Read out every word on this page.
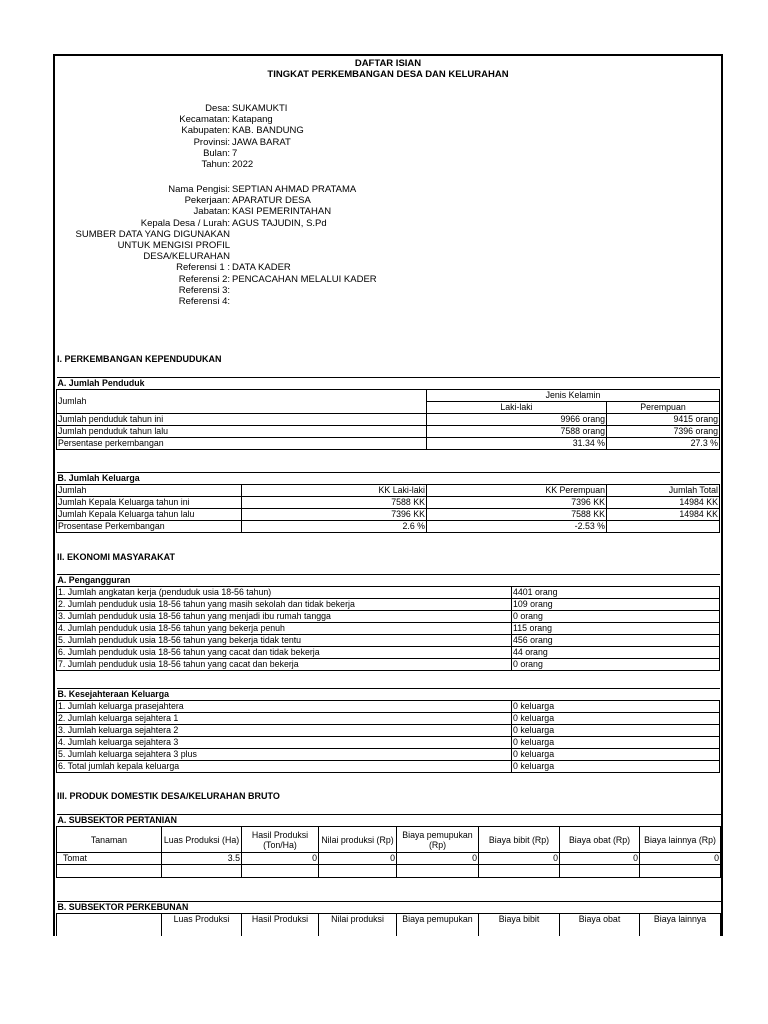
DAFTAR ISIAN
TINGKAT PERKEMBANGAN DESA DAN KELURAHAN
Desa: SUKAMUKTI
Kecamatan: Katapang
Kabupaten: KAB. BANDUNG
Provinsi: JAWA BARAT
Bulan: 7
Tahun: 2022
Nama Pengisi: SEPTIAN AHMAD PRATAMA
Pekerjaan: APARATUR DESA
Jabatan: KASI PEMERINTAHAN
Kepala Desa / Lurah: AGUS TAJUDIN, S.Pd
SUMBER DATA YANG DIGUNAKAN
UNTUK MENGISI PROFIL
DESA/KELURAHAN
Referensi 1 : DATA KADER
Referensi 2: PENCACAHAN MELALUI KADER
Referensi 3:
Referensi 4:
I. PERKEMBANGAN KEPENDUDUKAN
A. Jumlah Penduduk		
Jumlah	Jenis Kelamin	
	Laki-laki	Perempuan
Jumlah penduduk tahun ini	9966 orang	9415 orang
Jumlah penduduk tahun lalu	7588 orang	7396 orang
Persentase perkembangan	31.34 %	27.3 %
B. Jumlah Keluarga			
Jumlah	KK Laki-laki	KK Perempuan	Jumlah Total
Jumlah Kepala Keluarga tahun ini	7588 KK	7396 KK	14984 KK
Jumlah Kepala Keluarga tahun lalu	7396 KK	7588 KK	14984 KK
Prosentase Perkembangan	2.6 %	-2.53 %	
II. EKONOMI MASYARAKAT
A. Pengangguran	
1. Jumlah angkatan kerja (penduduk usia 18-56 tahun)	4401 orang
2. Jumlah penduduk usia 18-56 tahun yang masih sekolah dan tidak bekerja	109 orang
3. Jumlah penduduk usia 18-56 tahun yang menjadi ibu rumah tangga	0 orang
4. Jumlah penduduk usia 18-56 tahun yang bekerja penuh	115 orang
5. Jumlah penduduk usia 18-56 tahun yang bekerja tidak tentu	456 orang
6. Jumlah penduduk usia 18-56 tahun yang cacat dan tidak bekerja	44 orang
7. Jumlah penduduk usia 18-56 tahun yang cacat dan bekerja	0 orang
B. Kesejahteraan Keluarga	
1. Jumlah keluarga prasejahtera	0 keluarga
2. Jumlah keluarga sejahtera 1	0 keluarga
3. Jumlah keluarga sejahtera 2	0 keluarga
4. Jumlah keluarga sejahtera 3	0 keluarga
5. Jumlah keluarga sejahtera 3 plus	0 keluarga
6. Total jumlah kepala keluarga	0 keluarga
III. PRODUK DOMESTIK DESA/KELURAHAN BRUTO
A. SUBSEKTOR PERTANIAN							
Tanaman	Luas Produksi (Ha)	Hasil Produksi (Ton/Ha)	Nilai produksi (Rp)	Biaya pemupukan (Rp)	Biaya bibit (Rp)	Biaya obat (Rp)	Biaya lainnya (Rp)
Tomat	3.5	0	0	0	0	0	0

B. SUBSEKTOR PERKEBUNAN
	Luas Produksi	Hasil Produksi	Nilai produksi	Biaya pemupukan	Biaya bibit	Biaya obat	Biaya lainnya
